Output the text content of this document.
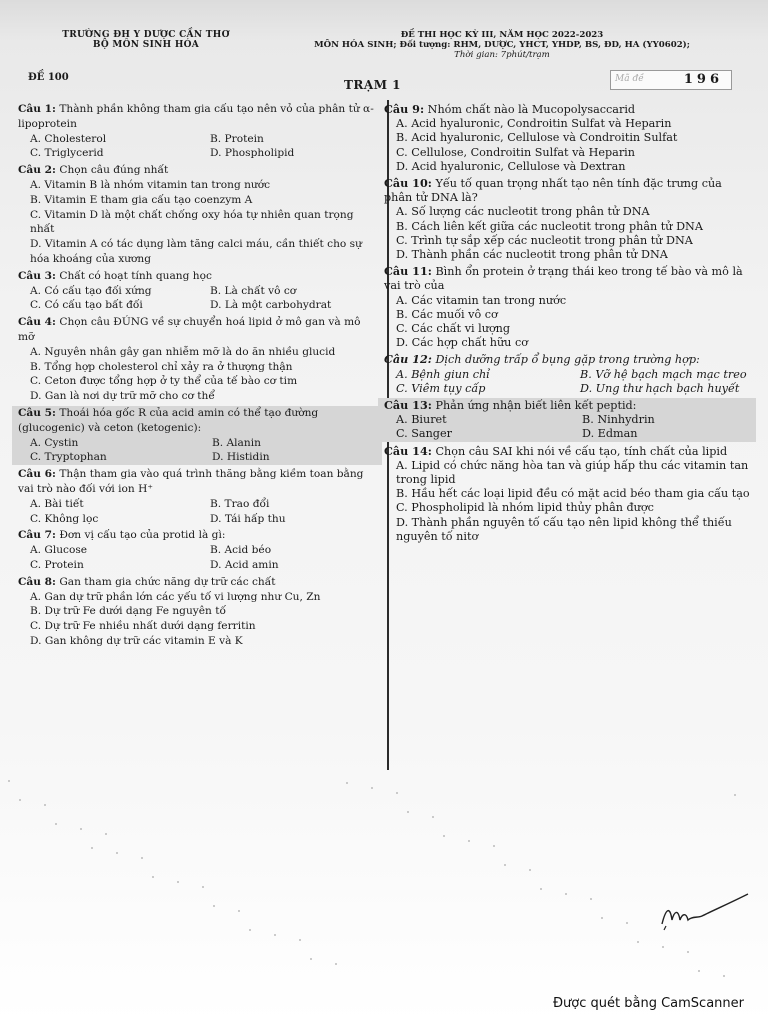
TRƯỜNG ĐH Y DƯỢC CẦN THƠ
BỘ MÔN SINH HÓA
ĐỀ THI HỌC KỲ III, NĂM HỌC 2022-2023
MÔN HÓA SINH; Đối tượng: RHM, DƯỢC, YHCT, YHDP, BS, ĐD, HA (YY0602);
Thời gian: 7phút/trạm
ĐỀ 100
TRẠM 1	Mã đề	196

Câu 1: Thành phần không tham gia cấu tạo nên vỏ của phân tử α-lipoprotein

A. Cholesterol	B. Protein

C. Triglycerid	D. Phospholipid

Câu 2: Chọn câu đúng nhất

A. Vitamin B là nhóm vitamin tan trong nước

B. Vitamin E tham gia cấu tạo coenzym A

C. Vitamin D là một chất chống oxy hóa tự nhiên quan trọng nhất

D. Vitamin A có tác dụng làm tăng calci máu, cần thiết cho sự hóa khoáng của xương

Câu 3: Chất có hoạt tính quang học

A. Có cấu tạo đối xứng	B. Là chất vô cơ

C. Có cấu tạo bất đối	D. Là một carbohydrat

Câu 4: Chọn câu ĐÚNG về sự chuyển hoá lipid ở mô gan và mô mỡ

A. Nguyên nhân gây gan nhiễm mỡ là do ăn nhiều glucid

B. Tổng hợp cholesterol chỉ xảy ra ở thượng thận

C. Ceton được tổng hợp ở ty thể của tế bào cơ tim

D. Gan là nơi dự trữ mỡ cho cơ thể

Câu 5: Thoái hóa gốc R của acid amin có thể tạo đường (glucogenic) và ceton (ketogenic):

A. Cystin	B. Alanin

C. Tryptophan	D. Histidin

Câu 6: Thận tham gia vào quá trình thăng bằng kiềm toan bằng vai trò nào đối với ion H⁺

A. Bài tiết	B. Trao đổi

C. Không lọc	D. Tái hấp thu

Câu 7: Đơn vị cấu tạo của protid là gì:

A. Glucose	B. Acid béo

C. Protein	D. Acid amin

Câu 8: Gan tham gia chức năng dự trữ các chất

A. Gan dự trữ phần lớn các yếu tố vi lượng như Cu, Zn

B. Dự trữ Fe dưới dạng Fe nguyên tố

C. Dự trữ Fe nhiều nhất dưới dạng ferritin

D. Gan không dự trữ các vitamin E và K

Câu 9: Nhóm chất nào là Mucopolysaccarid

A. Acid hyaluronic, Condroitin Sulfat và Heparin

B. Acid hyaluronic, Cellulose và Condroitin Sulfat

C. Cellulose, Condroitin Sulfat và Heparin

D. Acid hyaluronic, Cellulose và Dextran

Câu 10: Yếu tố quan trọng nhất tạo nên tính đặc trưng của phân tử DNA là?

A. Số lượng các nucleotit trong phân tử DNA

B. Cách liên kết giữa các nucleotit trong phân tử DNA

C. Trình tự sắp xếp các nucleotit trong phân tử DNA

D. Thành phần các nucleotit trong phân tử DNA

Câu 11: Bình ổn protein ở trạng thái keo trong tế bào và mô là vai trò của

A. Các vitamin tan trong nước

B. Các muối vô cơ

C. Các chất vi lượng

D. Các hợp chất hữu cơ

Câu 12: Dịch dưỡng trấp ổ bụng gặp trong trường hợp:

A. Bệnh giun chỉ	B. Vỡ hệ bạch mạch mạc treo

C. Viêm tụy cấp	D. Ung thư hạch bạch huyết

Câu 13: Phản ứng nhận biết liên kết peptid:

A. Biuret	B. Ninhydrin

C. Sanger	D. Edman

Câu 14: Chọn câu SAI khi nói về cấu tạo, tính chất của lipid

A. Lipid có chức năng hòa tan và giúp hấp thu các vitamin tan trong lipid

B. Hầu hết các loại lipid đều có mặt acid béo tham gia cấu tạo

C. Phospholipid là nhóm lipid thủy phân được

D. Thành phần nguyên tố cấu tạo nên lipid không thể thiếu nguyên tố nitơ

Được quét bằng CamScanner
